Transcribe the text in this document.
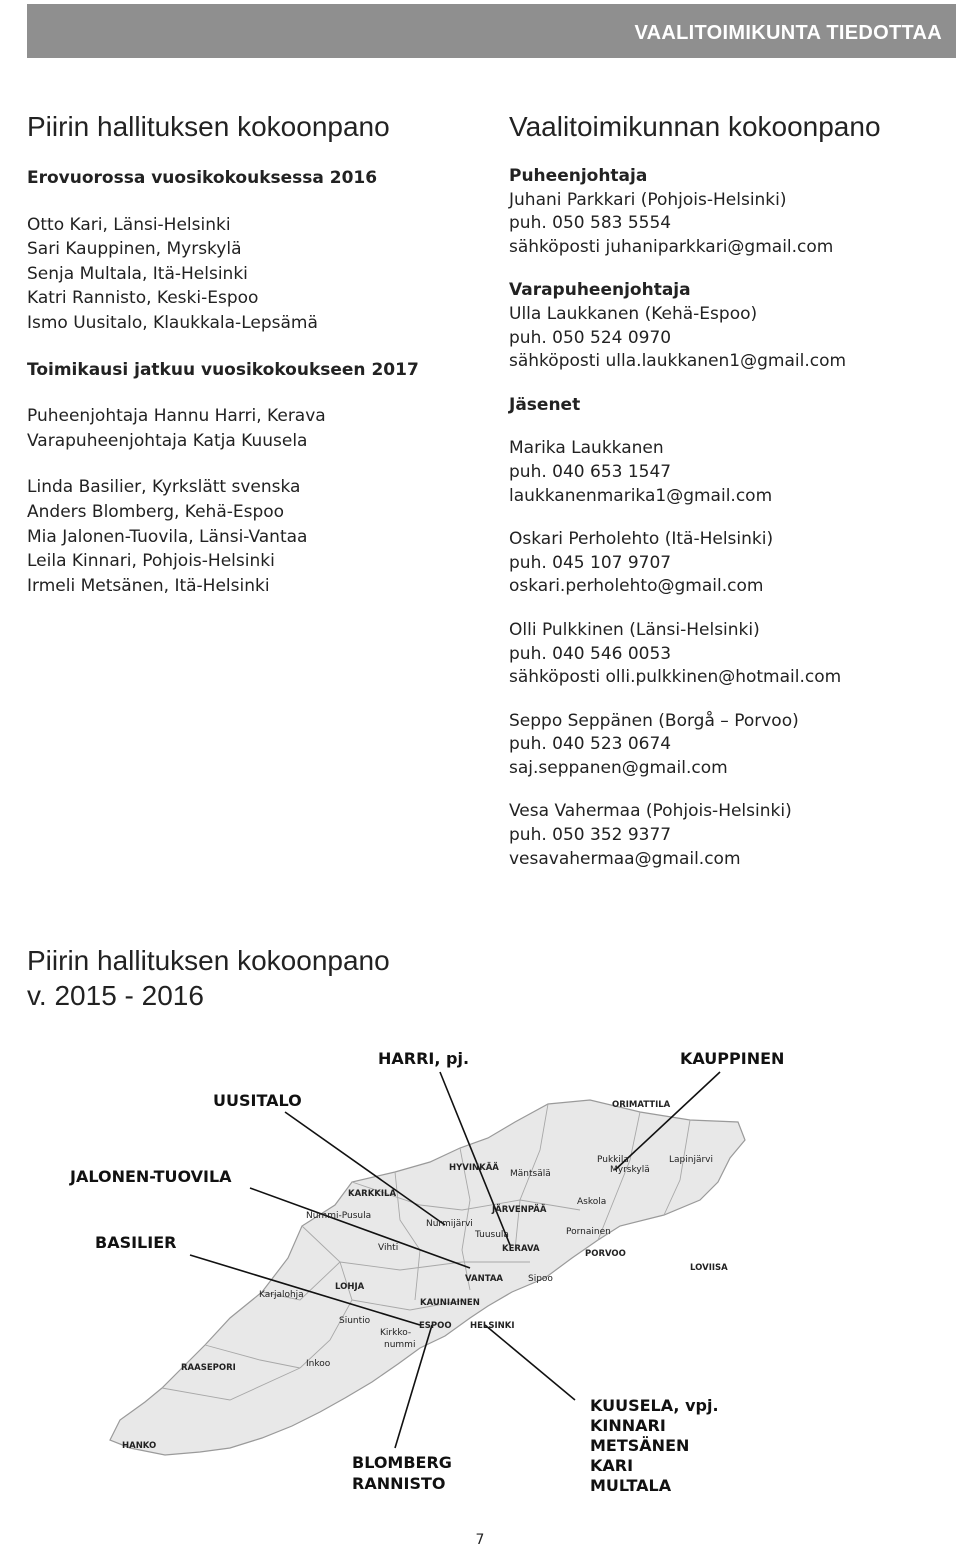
VAALITOIMIKUNTA TIEDOTTAA
Piirin hallituksen kokoonpano
Erovuorossa vuosikokouksessa 2016
Otto Kari, Länsi-Helsinki
Sari Kauppinen, Myrskylä
Senja Multala, Itä-Helsinki
Katri Rannisto, Keski-Espoo
Ismo Uusitalo, Klaukkala-Lepsämä
Toimikausi jatkuu vuosikokoukseen 2017
Puheenjohtaja Hannu Harri, Kerava
Varapuheenjohtaja Katja Kuusela
Linda Basilier, Kyrkslätt svenska
Anders Blomberg, Kehä-Espoo
Mia Jalonen-Tuovila, Länsi-Vantaa
Leila Kinnari, Pohjois-Helsinki
Irmeli Metsänen, Itä-Helsinki
Vaalitoimikunnan kokoonpano
Puheenjohtaja
Juhani Parkkari (Pohjois-Helsinki)
puh. 050 583 5554
sähköposti juhaniparkkari@gmail.com
Varapuheenjohtaja
Ulla Laukkanen (Kehä-Espoo)
puh. 050 524 0970
sähköposti ulla.laukkanen1@gmail.com
Jäsenet
Marika Laukkanen
puh. 040 653 1547
laukkanenmarika1@gmail.com
Oskari Perholehto (Itä-Helsinki)
puh. 045 107 9707
oskari.perholehto@gmail.com
Olli Pulkkinen (Länsi-Helsinki)
puh. 040 546 0053
sähköposti olli.pulkkinen@hotmail.com
Seppo Seppänen (Borgå – Porvoo)
puh. 040 523 0674
saj.seppanen@gmail.com
Vesa Vahermaa (Pohjois-Helsinki)
puh. 050 352 9377
vesavahermaa@gmail.com
Piirin hallituksen kokoonpano
v. 2015 - 2016
HARRI, pj.	KAUPPINEN
UUSITALO
JALONEN-TUOVILA
BASILIER
BLOMBERG
RANNISTO
KUUSELA, vpj.
KINNARI
METSÄNEN
KARI
MULTALA
ORIMATTILA
HYVINKÄÄ
Mäntsälä
Pukkila
Myrskylä
Lapinjärvi
KARKKILA
Askola
Nummi-Pusula
Nurmijärvi
JÄRVENPÄÄ
Tuusula	Pornainen
Vihti	KERAVA	PORVOO
LOVIISA
LOHJA
VANTAA	Sipoo
Karjalohja
KAUNIAINEN
Siuntio	ESPOO HELSINKI
Kirkko-
nummi
RAASEPORI	Inkoo
HANKO
7
